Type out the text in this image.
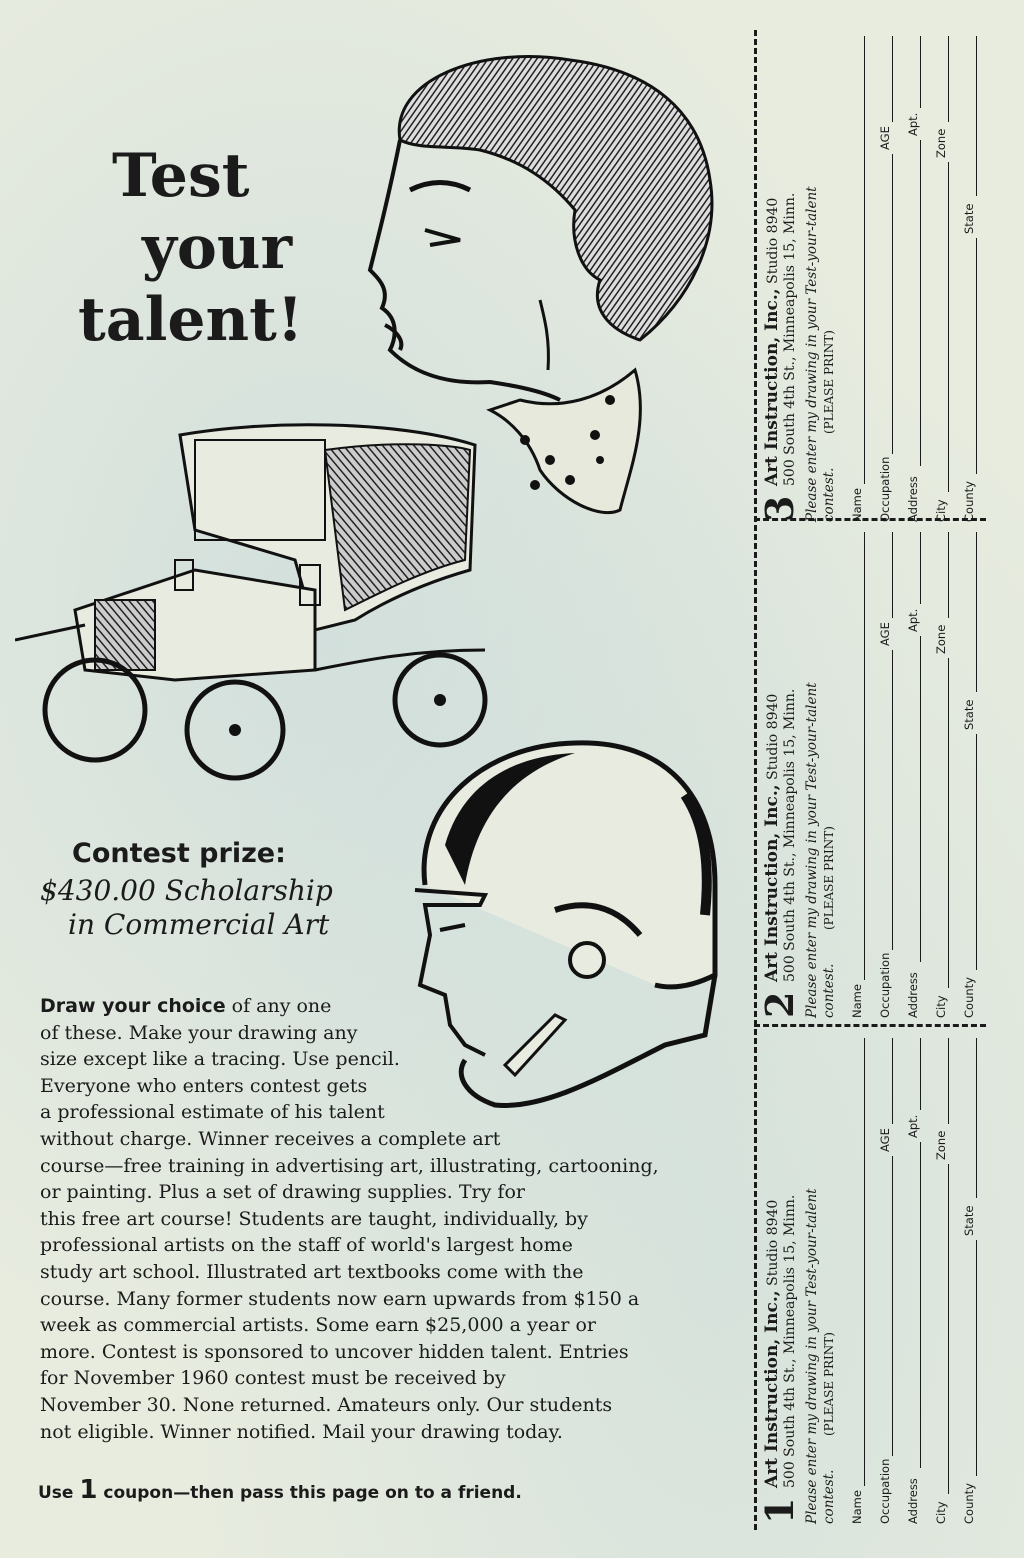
Test
your
talent!
Contest prize:
$430.00 Scholarship
in Commercial Art
Draw your choice of any one
of these. Make your drawing any
size except like a tracing. Use pencil.
Everyone who enters contest gets
a professional estimate of his talent
without charge. Winner receives a complete art
course—free training in advertising art, illustrating, cartooning,
or painting. Plus a set of drawing supplies. Try for
this free art course! Students are taught, individually, by
professional artists on the staff of world's largest home
study art school. Illustrated art textbooks come with the
course. Many former students now earn upwards from $150 a
week as commercial artists. Some earn $25,000 a year or
more. Contest is sponsored to uncover hidden talent. Entries
for November 1960 contest must be received by
November 30. None returned. Amateurs only. Our students
not eligible. Winner notified. Mail your drawing today.
Use 1 coupon—then pass this page on to a friend.
3
Art Instruction, Inc., Studio 8940 500 South 4th St., Minneapolis 15, Minn. Please enter my drawing in your Test-your-talent contest.
(PLEASE PRINT)
Name Occupation
AGE
Address
Apt.
City
Zone
County
State
2
Art Instruction, Inc., Studio 8940 500 South 4th St., Minneapolis 15, Minn. Please enter my drawing in your Test-your-talent contest.
(PLEASE PRINT)
Name Occupation
AGE
Address
Apt.
City
Zone
County
State
1
Art Instruction, Inc., Studio 8940 500 South 4th St., Minneapolis 15, Minn. Please enter my drawing in your Test-your-talent contest.
(PLEASE PRINT)
Name Occupation
AGE
Address
Apt.
City
Zone
County
State
